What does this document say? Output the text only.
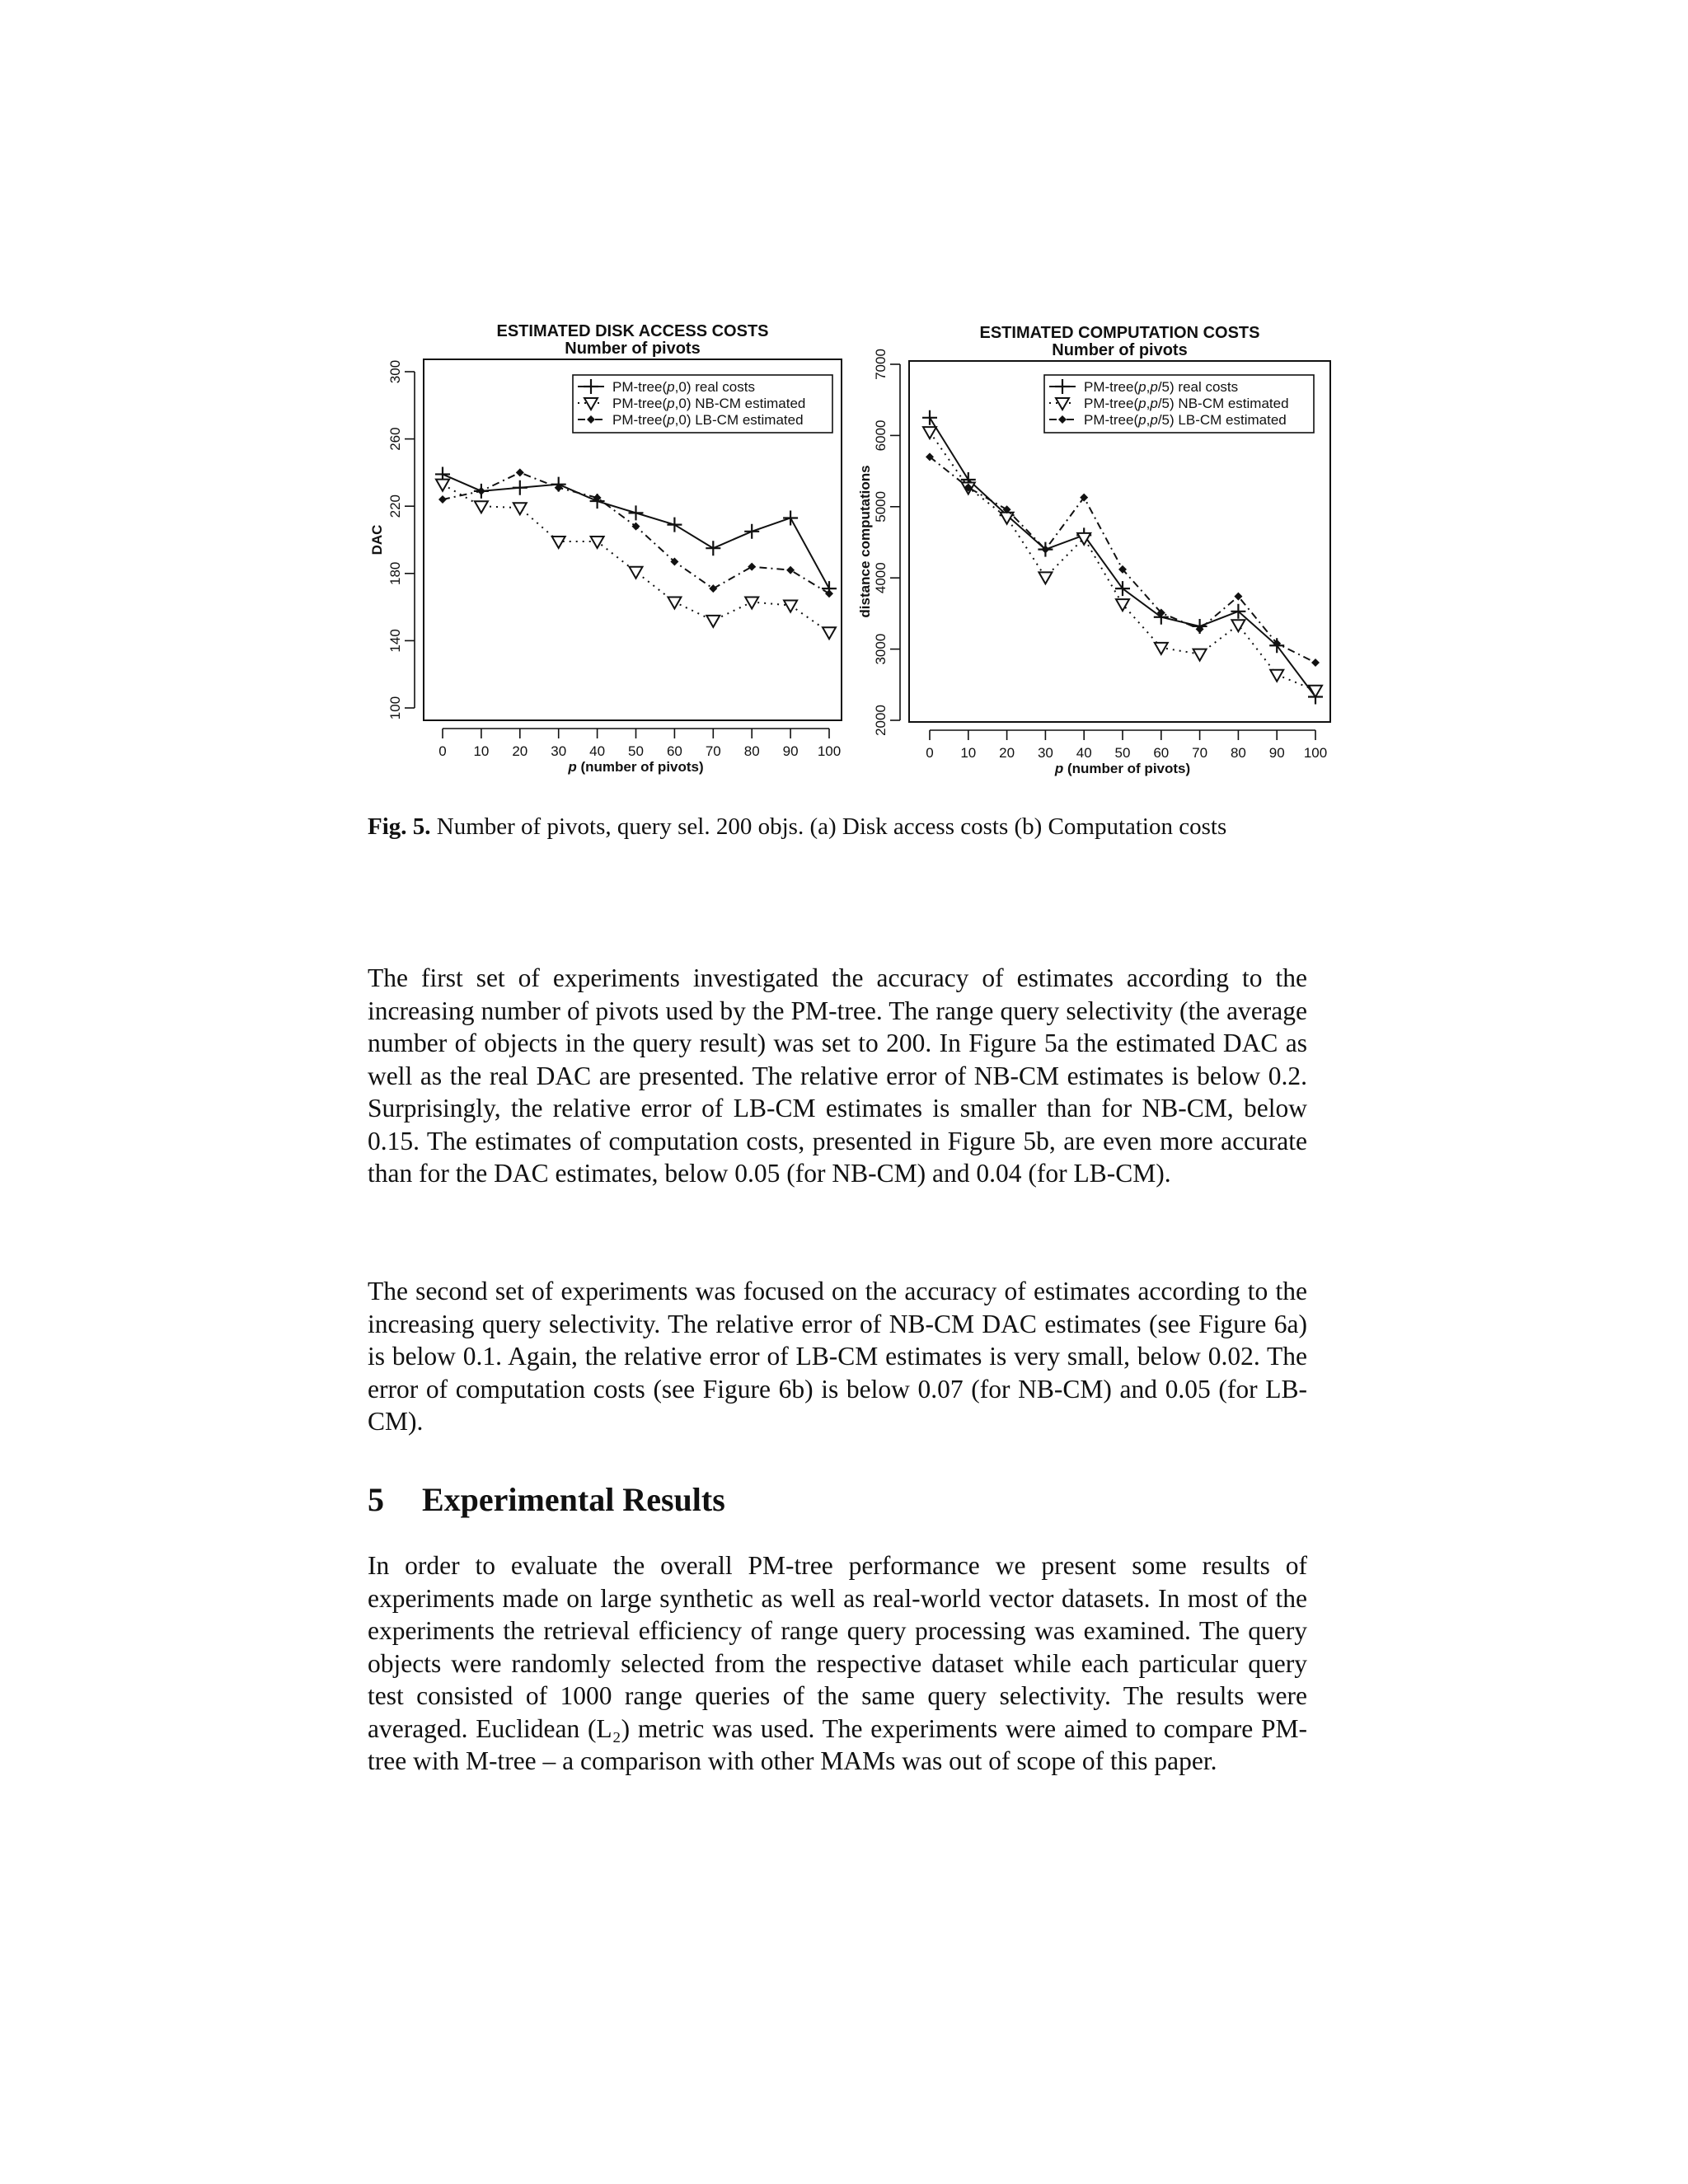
ESTIMATED DISK ACCESS COSTS
Number of pivots
0 10 20 30 40 50 60 70 80 90 100
p (number of pivots)
100
140
180
220
260
300
DAC
PM-tree(p,0) real costs
PM-tree(p,0) NB-CM estimated
PM-tree(p,0) LB-CM estimated
ESTIMATED COMPUTATION COSTS
Number of pivots
0 10 20 30 40 50 60 70 80 90 100
p (number of pivots)
2000
3000
4000
5000
6000
7000
distance computations
PM-tree(p,p/5) real costs
PM-tree(p,p/5) NB-CM estimated
PM-tree(p,p/5) LB-CM estimated
Fig. 5. Number of pivots, query sel. 200 objs. (a) Disk access costs (b) Computation costs

The first set of experiments investigated the accuracy of estimates according to the increasing number of pivots used by the PM-tree. The range query selectivity (the average number of objects in the query result) was set to 200. In Figure 5a the estimated DAC as well as the real DAC are presented. The relative error of NB-CM estimates is below 0.2. Surprisingly, the relative error of LB-CM estimates is smaller than for NB-CM, below 0.15. The estimates of computation costs, presented in Figure 5b, are even more accurate than for the DAC estimates, below 0.05 (for NB-CM) and 0.04 (for LB-CM).

The second set of experiments was focused on the accuracy of estimates according to the increasing query selectivity. The relative error of NB-CM DAC estimates (see Figure 6a) is below 0.1. Again, the relative error of LB-CM estimates is very small, below 0.02. The error of computation costs (see Figure 6b) is below 0.07 (for NB-CM) and 0.05 (for LB-CM).

5 Experimental Results

In order to evaluate the overall PM-tree performance we present some results of experiments made on large synthetic as well as real-world vector datasets. In most of the experiments the retrieval efficiency of range query processing was examined. The query objects were randomly selected from the respective dataset while each particular query test consisted of 1000 range queries of the same query selectivity. The results were averaged. Euclidean (L₂) metric was used. The experiments were aimed to compare PM-tree with M-tree – a comparison with other MAMs was out of scope of this paper.
